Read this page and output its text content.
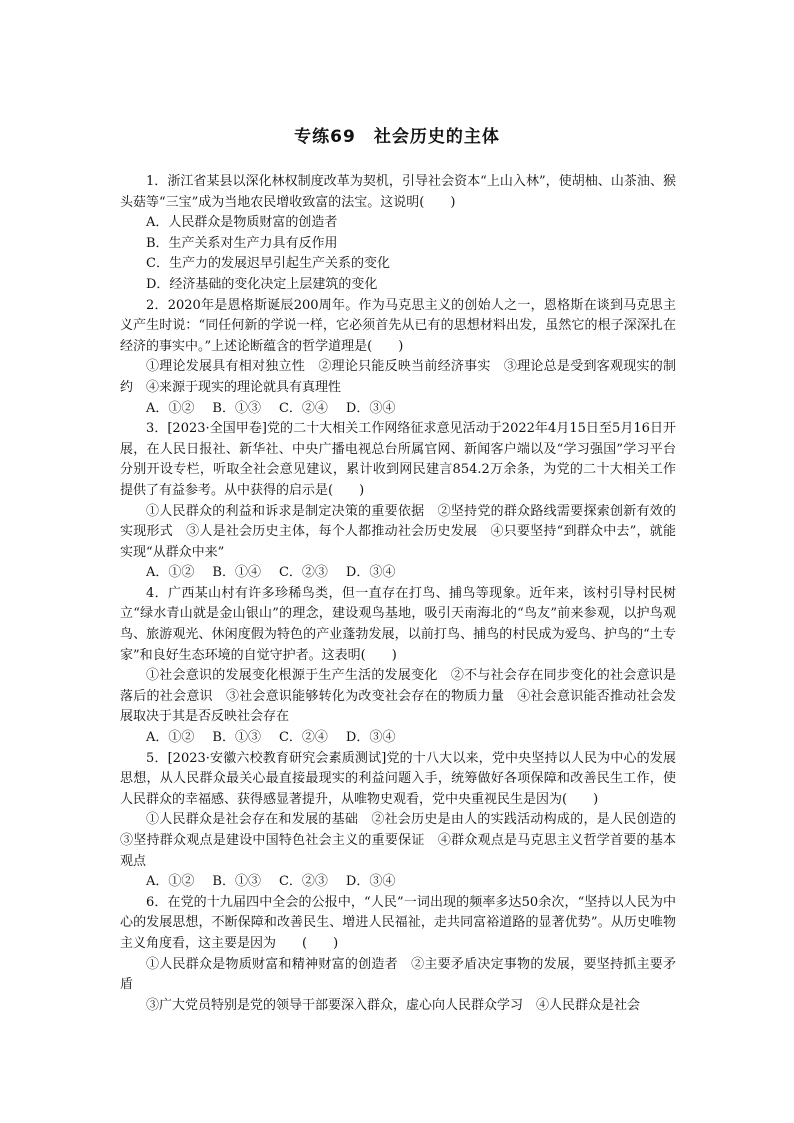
专练69　社会历史的主体

1．浙江省某县以深化林权制度改革为契机，引导社会资本“上山入林”，使胡柚、山茶油、猴头菇等“三宝”成为当地农民增收致富的法宝。这说明(　　)

A．人民群众是物质财富的创造者

B．生产关系对生产力具有反作用

C．生产力的发展迟早引起生产关系的变化

D．经济基础的变化决定上层建筑的变化

2．2020年是恩格斯诞辰200周年。作为马克思主义的创始人之一，恩格斯在谈到马克思主义产生时说：“同任何新的学说一样，它必须首先从已有的思想材料出发，虽然它的根子深深扎在经济的事实中。”上述论断蕴含的哲学道理是(　　)

①理论发展具有相对独立性　②理论只能反映当前经济事实　③理论总是受到客观现实的制约　④来源于现实的理论就具有真理性

A．①② B．①③ C．②④ D．③④

3．[2023·全国甲卷]党的二十大相关工作网络征求意见活动于2022年4月15日至5月16日开展，在人民日报社、新华社、中央广播电视总台所属官网、新闻客户端以及“学习强国”学习平台分别开设专栏，听取全社会意见建议，累计收到网民建言854.2万余条，为党的二十大相关工作提供了有益参考。从中获得的启示是(　　)

①人民群众的利益和诉求是制定决策的重要依据　②坚持党的群众路线需要探索创新有效的实现形式　③人是社会历史主体，每个人都推动社会历史发展　④只要坚持“到群众中去”，就能实现“从群众中来”

A．①② B．①④ C．②③ D．③④

4．广西某山村有许多珍稀鸟类，但一直存在打鸟、捕鸟等现象。近年来，该村引导村民树立“绿水青山就是金山银山”的理念，建设观鸟基地，吸引天南海北的“鸟友”前来参观，以护鸟观鸟、旅游观光、休闲度假为特色的产业蓬勃发展，以前打鸟、捕鸟的村民成为爱鸟、护鸟的“土专家”和良好生态环境的自觉守护者。这表明(　　)

①社会意识的发展变化根源于生产生活的发展变化　②不与社会存在同步变化的社会意识是落后的社会意识　③社会意识能够转化为改变社会存在的物质力量　④社会意识能否推动社会发展取决于其是否反映社会存在

A．①② B．①③ C．②④ D．③④

5．[2023·安徽六校教育研究会素质测试]党的十八大以来，党中央坚持以人民为中心的发展思想，从人民群众最关心最直接最现实的利益问题入手，统筹做好各项保障和改善民生工作，使人民群众的幸福感、获得感显著提升，从唯物史观看，党中央重视民生是因为(　　)

①人民群众是社会存在和发展的基础　②社会历史是由人的实践活动构成的，是人民创造的　③坚持群众观点是建设中国特色社会主义的重要保证　④群众观点是马克思主义哲学首要的基本观点

A．①② B．①③ C．②③ D．③④

6．在党的十九届四中全会的公报中，“人民”一词出现的频率多达50余次，“坚持以人民为中心的发展思想，不断保障和改善民生、增进人民福祉，走共同富裕道路的显著优势”。从历史唯物主义角度看，这主要是因为　　(　　)

①人民群众是物质财富和精神财富的创造者　②主要矛盾决定事物的发展，要坚持抓主要矛盾

③广大党员特别是党的领导干部要深入群众，虚心向人民群众学习　④人民群众是社会
